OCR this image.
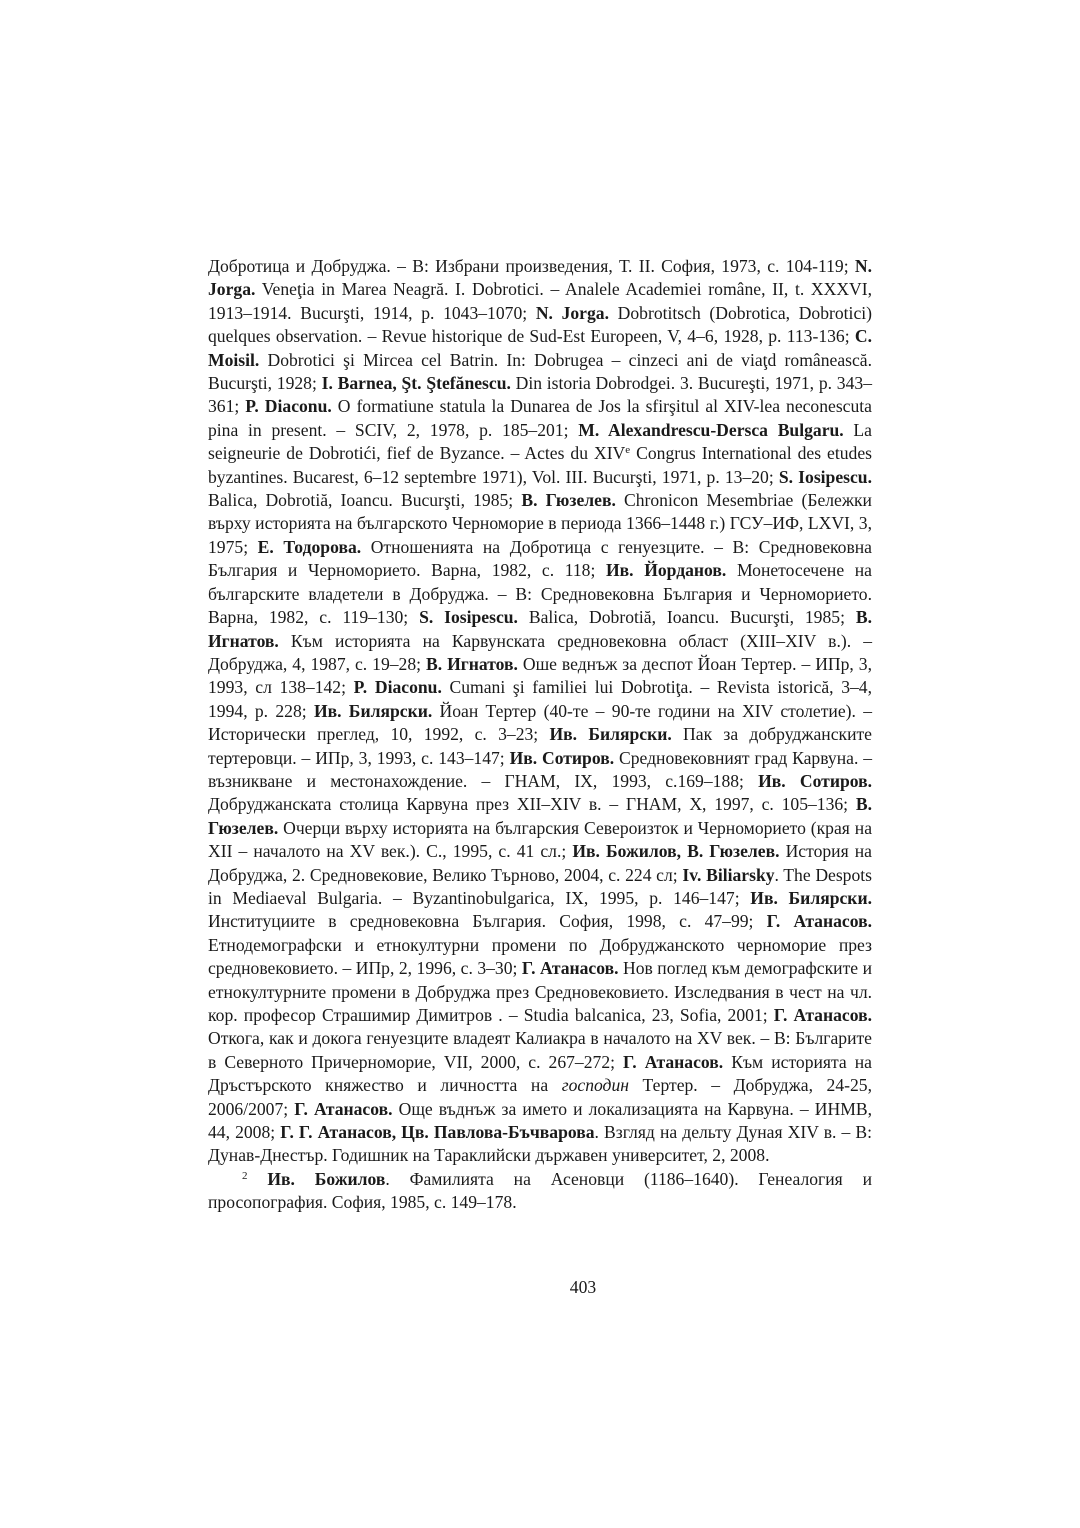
Добротица и Добруджа. – В: Избрани произведения, Т. II. София, 1973, с. 104-119; N. Jorga. Veneţia in Marea Neagră. I. Dobrotici. – Analele Academiei române, II, t. XXXVI, 1913–1914. Bucurşti, 1914, p. 1043–1070; N. Jorga. Dobrotitsch (Dobrotica, Dobrotici) quelques observation. – Revue historique de Sud-Est Europeen, V, 4–6, 1928, p. 113-136; C. Moisil. Dobrotici şi Mircea cel Batrin. In: Dobrugea – cinzeci ani de viaţd românească. Bucurşti, 1928; I. Barnea, Şt. Ştefănescu. Din istoria Dobrodgei. 3. Bucureşti, 1971, p. 343–361; P. Diaconu. O formatiune statula la Dunarea de Jos la sfirşitul al XIV-lea neconescuta pina in present. – SCIV, 2, 1978, p. 185–201; M. Alexandrescu-Dersca Bulgaru. La seigneurie de Dobrotići, fief de Byzance. – Actes du XIVe Congrus International des etudes byzantines. Bucarest, 6–12 septembre 1971), Vol. III. Bucurşti, 1971, p. 13–20; S. Iosipescu. Balica, Dobrotiă, Ioancu. Bucurşti, 1985; В. Гюзелев. Chronicon Mesembriae (Бележки върху историята на българското Черноморие в периода 1366–1448 г.) ГСУ–ИФ, LXVI, 3, 1975; Е. Тодорова. Отношенията на Добротица с генуезците. – В: Средновековна България и Черноморието. Варна, 1982, с. 118; Ив. Йорданов. Монетосечене на българските владетели в Добруджа. – В: Средновековна България и Черноморието. Варна, 1982, с. 119–130; S. Iosipescu. Balica, Dobrotiă, Ioancu. Bucurşti, 1985; В. Игнатов. Към историята на Карвунската средновековна област (XIII–XIV в.). – Добруджа, 4, 1987, с. 19–28; В. Игнатов. Оше веднъж за деспот Йоан Тертер. – ИПр, 3, 1993, сл 138–142; P. Diaconu. Cumani şi familiei lui Dobrotiţa. – Revista istorică, 3–4, 1994, p. 228; Ив. Билярски. Йоан Тертер (40-те – 90-те години на XIV столетие). – Исторически преглед, 10, 1992, с. 3–23; Ив. Билярски. Пак за добруджанските тертеровци. – ИПр, 3, 1993, с. 143–147; Ив. Сотиров. Средновековният град Карвуна. – възникване и местонахождение. – ГНАМ, IX, 1993, с.169–188; Ив. Сотиров. Добруджанската столица Карвуна през XII–XIV в. – ГНАМ, X, 1997, с. 105–136; В. Гюзелев. Очерци върху историята на българския Североизток и Черноморието (края на XII – началото на XV век.). С., 1995, с. 41 сл.; Ив. Божилов, В. Гюзелев. История на Добруджа, 2. Средновековие, Велико Търново, 2004, с. 224 сл; Iv. Biliarsky. The Despots in Mediaeval Bulgaria. – Byzantinobulgarica, IX, 1995, p. 146–147; Ив. Билярски. Институциите в средновековна България. София, 1998, с. 47–99; Г. Атанасов. Етнодемографски и етнокултурни промени по Добруджанското черноморие през средновековието. – ИПр, 2, 1996, с. 3–30; Г. Атанасов. Нов поглед към демографските и етнокултурните промени в Добруджа през Средновековието. Изследвания в чест на чл. кор. професор Страшимир Димитров . – Studia balcanica, 23, Sofia, 2001; Г. Атанасов. Откога, как и докога генуезците владеят Калиакра в началото на XV век. – В: Българите в Северното Причерноморие, VII, 2000, с. 267–272; Г. Атанасов. Към историята на Дръстърското княжество и личността на господин Тертер. – Добруджа, 24-25, 2006/2007; Г. Атанасов. Още въднъж за името и локализацията на Карвуна. – ИНМВ, 44, 2008; Г. Г. Атанасов, Цв. Павлова-Бъчварова. Взгляд на дельту Дуная XIV в. – В: Дунав-Днестър. Годишник на Тараклийски държавен университет, 2, 2008.

$^2$ Ив. Божилов. Фамилията на Асеновци (1186–1640). Генеалогия и просопография. София, 1985, с. 149–178.

403
